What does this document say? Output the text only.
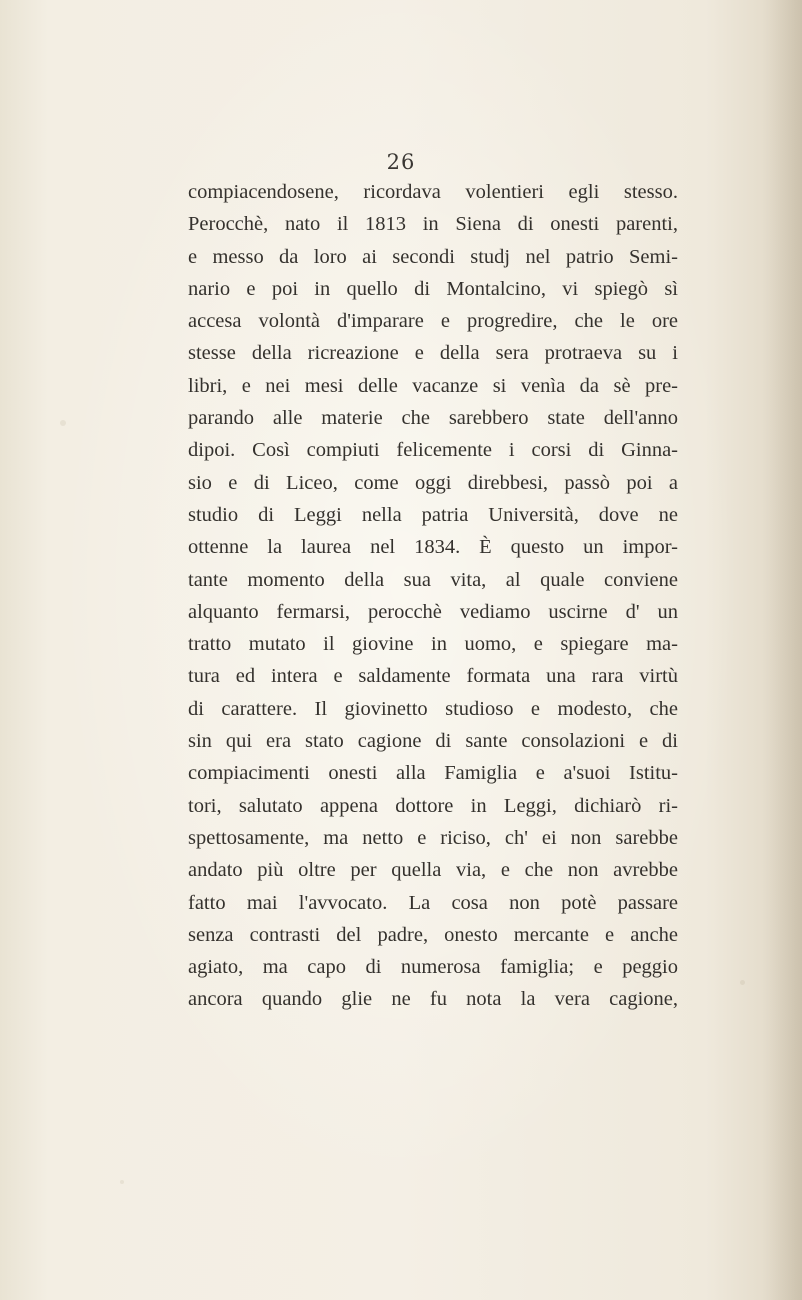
26
compiacendosene, ricordava volentieri egli stesso.
Perocchè, nato il 1813 in Siena di onesti parenti,
e messo da loro ai secondi studj nel patrio Semi-
nario e poi in quello di Montalcino, vi spiegò sì
accesa volontà d'imparare e progredire, che le ore
stesse della ricreazione e della sera protraeva su i
libri, e nei mesi delle vacanze si venìa da sè pre-
parando alle materie che sarebbero state dell'anno
dipoi. Così compiuti felicemente i corsi di Ginna-
sio e di Liceo, come oggi direbbesi, passò poi a
studio di Leggi nella patria Università, dove ne
ottenne la laurea nel 1834. È questo un impor-
tante momento della sua vita, al quale conviene
alquanto fermarsi, perocchè vediamo uscirne d' un
tratto mutato il giovine in uomo, e spiegare ma-
tura ed intera e saldamente formata una rara virtù
di carattere. Il giovinetto studioso e modesto, che
sin qui era stato cagione di sante consolazioni e di
compiacimenti onesti alla Famiglia e a'suoi Istitu-
tori, salutato appena dottore in Leggi, dichiarò ri-
spettosamente, ma netto e riciso, ch' ei non sarebbe
andato più oltre per quella via, e che non avrebbe
fatto mai l'avvocato. La cosa non potè passare
senza contrasti del padre, onesto mercante e anche
agiato, ma capo di numerosa famiglia; e peggio
ancora quando glie ne fu nota la vera cagione,
